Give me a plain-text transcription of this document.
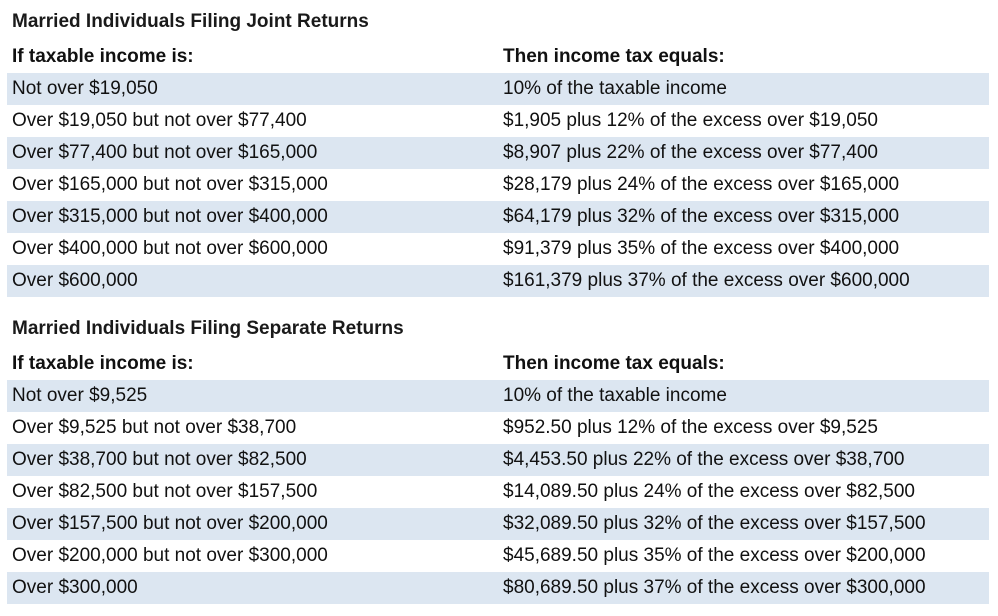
Married Individuals Filing Joint Returns
If taxable income is:	Then income tax equals:
Not over $19,050	10% of the taxable income
Over $19,050 but not over $77,400	$1,905 plus 12% of the excess over $19,050
Over $77,400 but not over $165,000	$8,907 plus 22% of the excess over $77,400
Over $165,000 but not over $315,000	$28,179 plus 24% of the excess over $165,000
Over $315,000 but not over $400,000	$64,179 plus 32% of the excess over $315,000
Over $400,000 but not over $600,000	$91,379 plus 35% of the excess over $400,000
Over $600,000	$161,379 plus 37% of the excess over $600,000
Married Individuals Filing Separate Returns
If taxable income is:	Then income tax equals:
Not over $9,525	10% of the taxable income
Over $9,525 but not over $38,700	$952.50 plus 12% of the excess over $9,525
Over $38,700 but not over $82,500	$4,453.50 plus 22% of the excess over $38,700
Over $82,500 but not over $157,500	$14,089.50 plus 24% of the excess over $82,500
Over $157,500 but not over $200,000	$32,089.50 plus 32% of the excess over $157,500
Over $200,000 but not over $300,000	$45,689.50 plus 35% of the excess over $200,000
Over $300,000	$80,689.50 plus 37% of the excess over $300,000
